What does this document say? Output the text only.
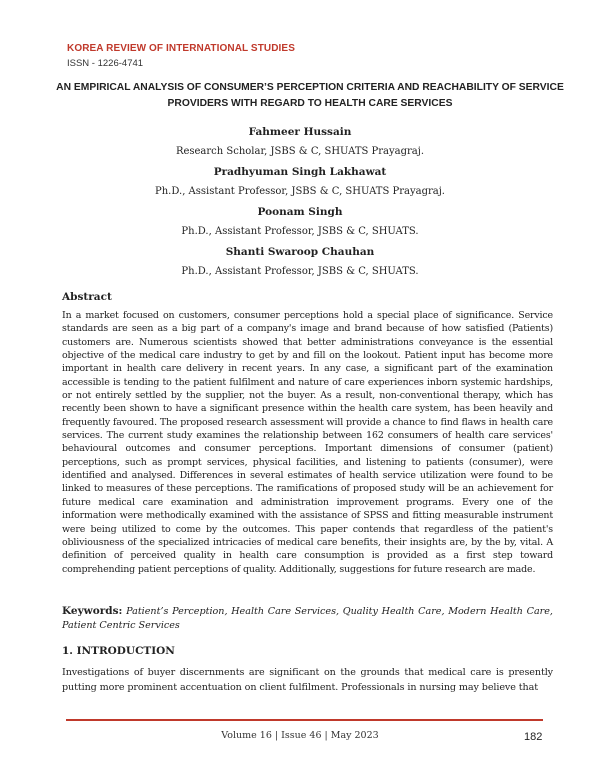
KOREA REVIEW OF INTERNATIONAL STUDIES
ISSN - 1226-4741
AN EMPIRICAL ANALYSIS OF CONSUMER’S PERCEPTION CRITERIA AND REACHABILITY OF SERVICE PROVIDERS WITH REGARD TO HEALTH CARE SERVICES
Fahmeer Hussain
Research Scholar, JSBS & C, SHUATS Prayagraj.
Pradhyuman Singh Lakhawat
Ph.D., Assistant Professor, JSBS & C, SHUATS Prayagraj.
Poonam Singh
Ph.D., Assistant Professor, JSBS & C, SHUATS.
Shanti Swaroop Chauhan
Ph.D., Assistant Professor, JSBS & C, SHUATS.
Abstract
In a market focused on customers, consumer perceptions hold a special place of significance. Service standards are seen as a big part of a company's image and brand because of how satisfied (Patients) customers are. Numerous scientists showed that better administrations conveyance is the essential objective of the medical care industry to get by and fill on the lookout. Patient input has become more important in health care delivery in recent years. In any case, a significant part of the examination accessible is tending to the patient fulfilment and nature of care experiences inborn systemic hardships, or not entirely settled by the supplier, not the buyer. As a result, non-conventional therapy, which has recently been shown to have a significant presence within the health care system, has been heavily and frequently favoured. The proposed research assessment will provide a chance to find flaws in health care services. The current study examines the relationship between 162 consumers of health care services' behavioural outcomes and consumer perceptions. Important dimensions of consumer (patient) perceptions, such as prompt services, physical facilities, and listening to patients (consumer), were identified and analysed. Differences in several estimates of health service utilization were found to be linked to measures of these perceptions. The ramifications of proposed study will be an achievement for future medical care examination and administration improvement programs. Every one of the information were methodically examined with the assistance of SPSS and fitting measurable instrument were being utilized to come by the outcomes. This paper contends that regardless of the patient's obliviousness of the specialized intricacies of medical care benefits, their insights are, by the by, vital. A definition of perceived quality in health care consumption is provided as a first step toward comprehending patient perceptions of quality. Additionally, suggestions for future research are made.
Keywords: Patient’s Perception, Health Care Services, Quality Health Care, Modern Health Care, Patient Centric Services
1. INTRODUCTION
Investigations of buyer discernments are significant on the grounds that medical care is presently putting more prominent accentuation on client fulfilment. Professionals in nursing may believe that
Volume 16 | Issue 46 | May 2023	182
